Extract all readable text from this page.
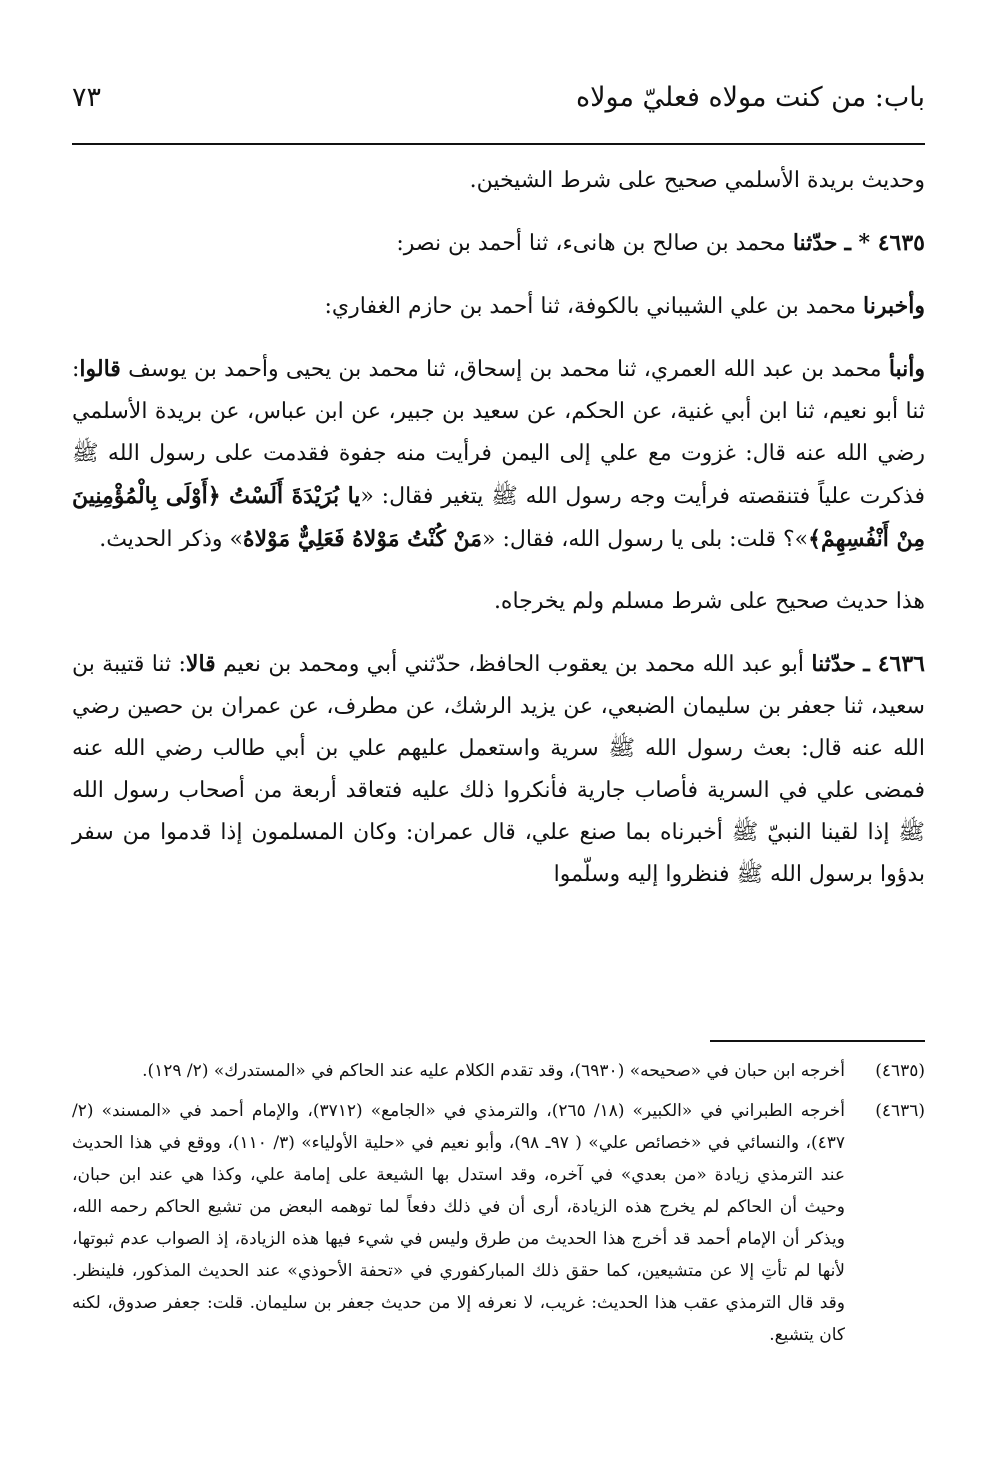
باب: من كنت مولاه فعليّ مولاه
٧٣

وحديث بريدة الأسلمي صحيح على شرط الشيخين.

٤٦٣٥ * ـ حدّثنا محمد بن صالح بن هانىء، ثنا أحمد بن نصر:

وأخبرنا محمد بن علي الشيباني بالكوفة، ثنا أحمد بن حازم الغفاري:

وأنبأ محمد بن عبد الله العمري، ثنا محمد بن إسحاق، ثنا محمد بن يحيى وأحمد بن يوسف قالوا: ثنا أبو نعيم، ثنا ابن أبي غنية، عن الحكم، عن سعيد بن جبير، عن ابن عباس، عن بريدة الأسلمي رضي الله عنه قال: غزوت مع علي إلى اليمن فرأيت منه جفوة فقدمت على رسول الله ﷺ فذكرت علياً فتنقصته فرأيت وجه رسول الله ﷺ يتغير فقال: «يا بُرَيْدَةَ أَلَسْتُ ﴿أَوْلَى بِالْمُؤْمِنِينَ مِنْ أَنْفُسِهِمْ﴾»؟ قلت: بلى يا رسول الله، فقال: «مَنْ كُنْتُ مَوْلاهُ فَعَلِيٌّ مَوْلاهُ» وذكر الحديث.

هذا حديث صحيح على شرط مسلم ولم يخرجاه.

٤٦٣٦ ـ حدّثنا أبو عبد الله محمد بن يعقوب الحافظ، حدّثني أبي ومحمد بن نعيم قالا: ثنا قتيبة بن سعيد، ثنا جعفر بن سليمان الضبعي، عن يزيد الرشك، عن مطرف، عن عمران بن حصين رضي الله عنه قال: بعث رسول الله ﷺ سرية واستعمل عليهم علي بن أبي طالب رضي الله عنه فمضى علي في السرية فأصاب جارية فأنكروا ذلك عليه فتعاقد أربعة من أصحاب رسول الله ﷺ إذا لقينا النبيّ ﷺ أخبرناه بما صنع علي، قال عمران: وكان المسلمون إذا قدموا من سفر بدؤوا برسول الله ﷺ فنظروا إليه وسلّموا

(٤٦٣٥)
أخرجه ابن حبان في «صحيحه» (٦٩٣٠)، وقد تقدم الكلام عليه عند الحاكم في «المستدرك» (٢/ ١٢٩).
(٤٦٣٦)
أخرجه الطبراني في «الكبير» (١٨/ ٢٦٥)، والترمذي في «الجامع» (٣٧١٢)، والإمام أحمد في «المسند» (٢/ ٤٣٧)، والنسائي في «خصائص علي» ( ٩٧ـ ٩٨)، وأبو نعيم في «حلية الأولياء» (٣/ ١١٠)، ووقع في هذا الحديث عند الترمذي زيادة «من بعدي» في آخره، وقد استدل بها الشيعة على إمامة علي، وكذا هي عند ابن حبان، وحيث أن الحاكم لم يخرج هذه الزيادة، أرى أن في ذلك دفعاً لما توهمه البعض من تشيع الحاكم رحمه الله، ويذكر أن الإمام أحمد قد أخرج هذا الحديث من طرق وليس في شيء فيها هذه الزيادة، إذ الصواب عدم ثبوتها، لأنها لم تأتِ إلا عن متشيعين، كما حقق ذلك المباركفوري في «تحفة الأحوذي» عند الحديث المذكور، فلينظر. وقد قال الترمذي عقب هذا الحديث: غريب، لا نعرفه إلا من حديث جعفر بن سليمان. قلت: جعفر صدوق، لكنه كان يتشيع.
